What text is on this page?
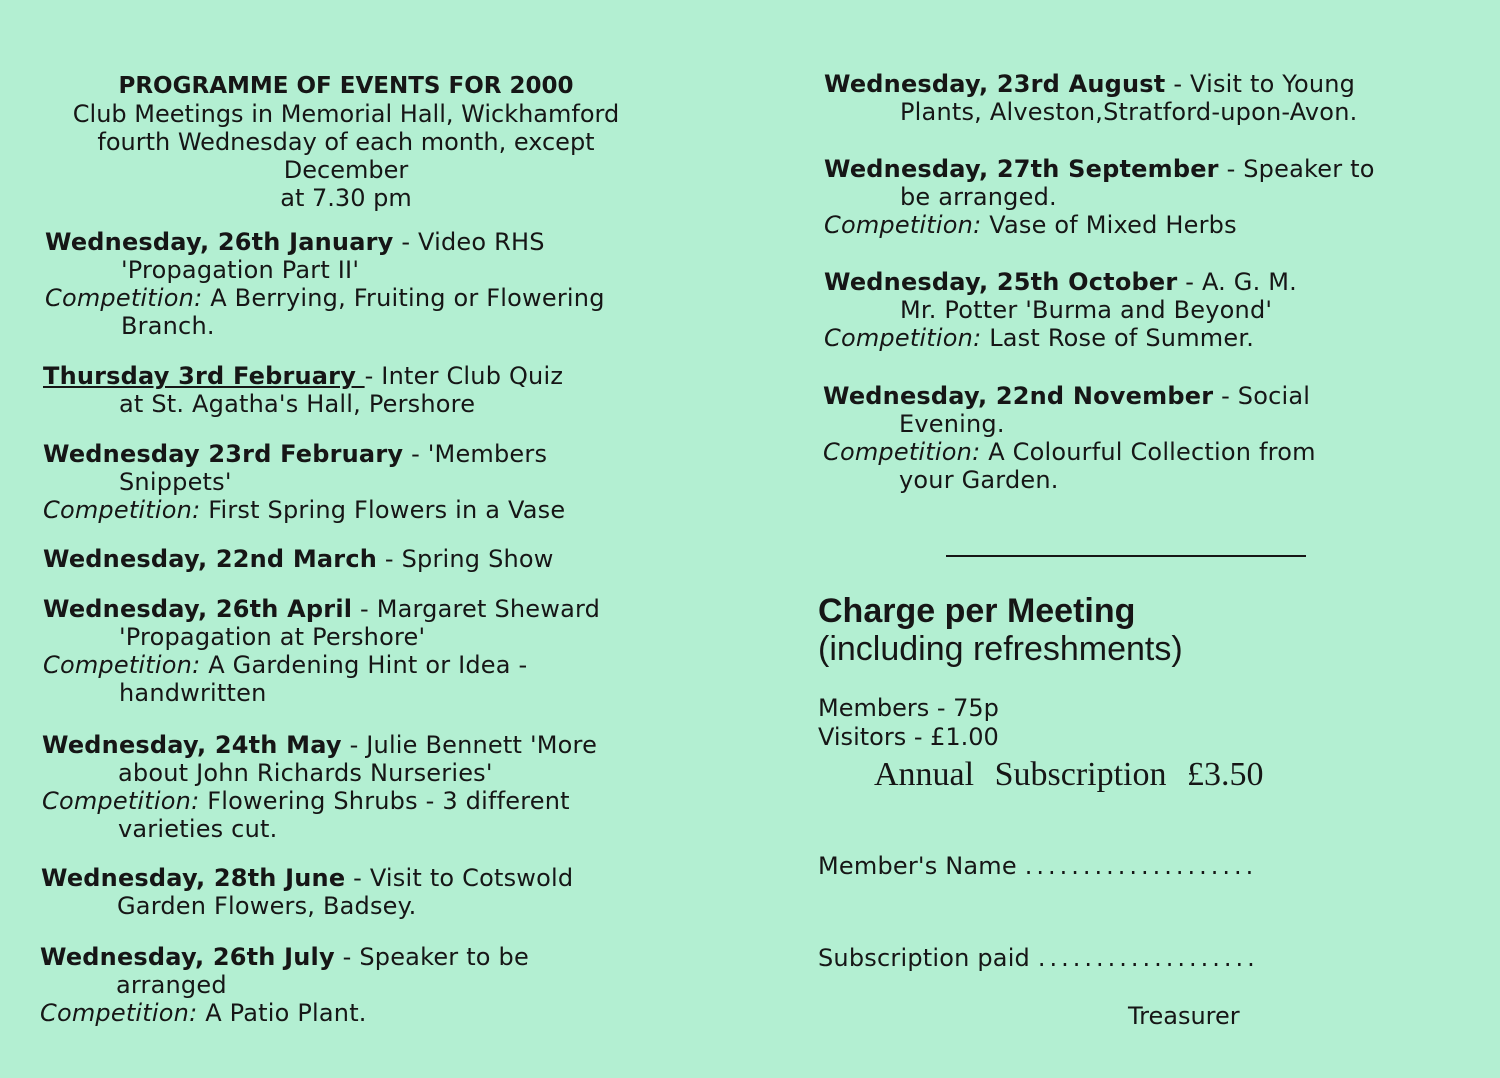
PROGRAMME OF EVENTS FOR 2000
Club Meetings in Memorial Hall, Wickhamford
fourth Wednesday of each month, except
December
at 7.30 pm
Wednesday, 26th January - Video RHS
'Propagation Part II'
Competition: A Berrying, Fruiting or Flowering
Branch.
Thursday 3rd February - Inter Club Quiz
at St. Agatha's Hall, Pershore
Wednesday 23rd February - 'Members
Snippets'
Competition: First Spring Flowers in a Vase
Wednesday, 22nd March - Spring Show
Wednesday, 26th April - Margaret Sheward
'Propagation at Pershore'
Competition: A Gardening Hint or Idea -
handwritten
Wednesday, 24th May - Julie Bennett 'More
about John Richards Nurseries'
Competition: Flowering Shrubs - 3 different
varieties cut.
Wednesday, 28th June - Visit to Cotswold
Garden Flowers, Badsey.
Wednesday, 26th July - Speaker to be
arranged
Competition: A Patio Plant.
Wednesday, 23rd August - Visit to Young
Plants, Alveston,Stratford-upon-Avon.
Wednesday, 27th September - Speaker to
be arranged.
Competition: Vase of Mixed Herbs
Wednesday, 25th October - A. G. M.
Mr. Potter 'Burma and Beyond'
Competition: Last Rose of Summer.
Wednesday, 22nd November - Social
Evening.
Competition: A Colourful Collection from
your Garden.
Charge per Meeting
(including refreshments)
Members - 75p
Visitors - £1.00
Annual Subscription £3.50
Member's Name ....................
Subscription paid ...................
Treasurer
